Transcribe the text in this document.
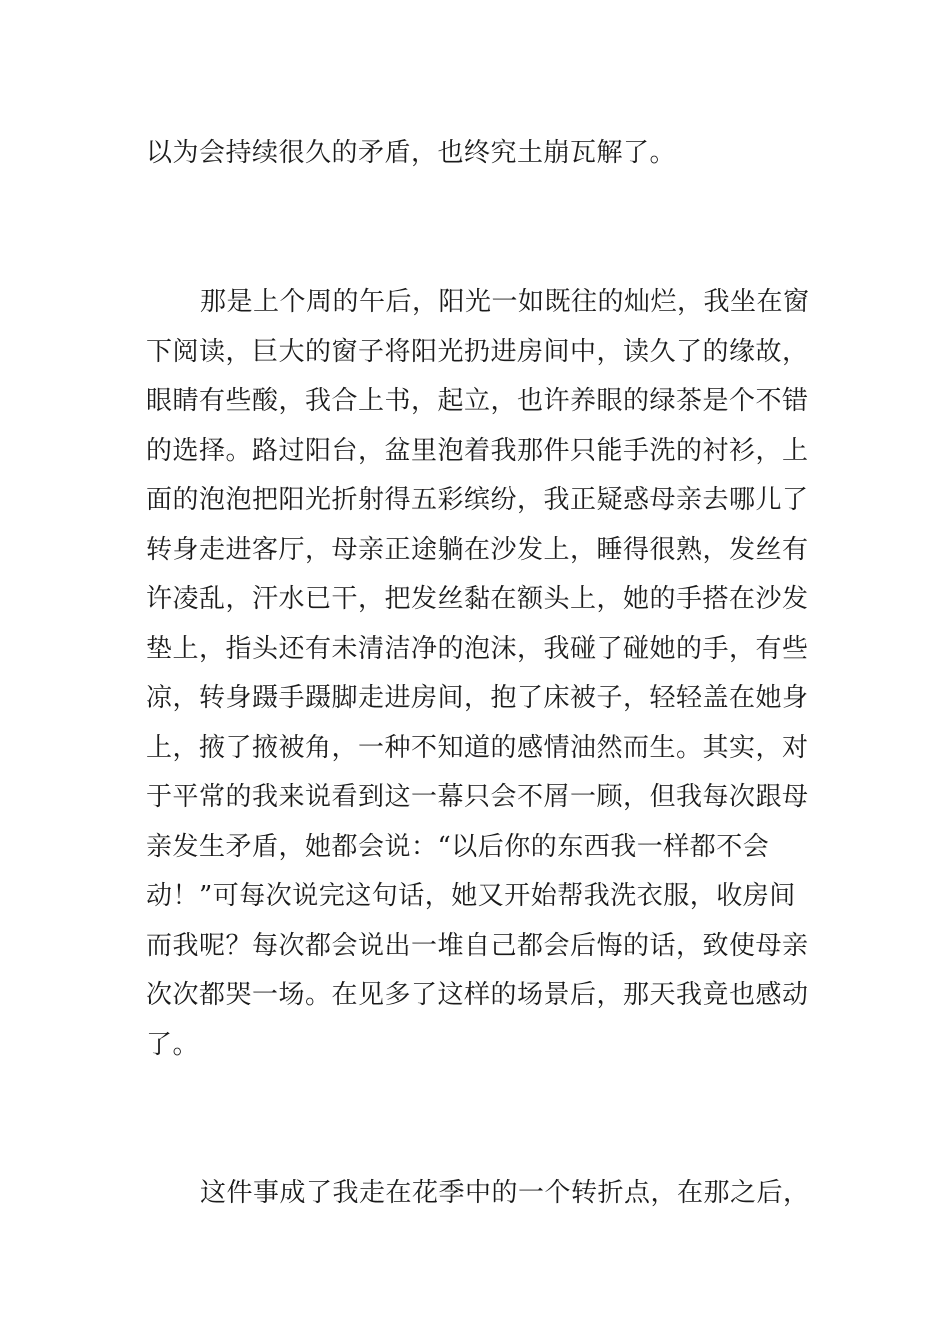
以为会持续很久的矛盾，也终究土崩瓦解了。
那是上个周的午后，阳光一如既往的灿烂，我坐在窗
下阅读，巨大的窗子将阳光扔进房间中，读久了的缘故，
眼睛有些酸，我合上书，起立，也许养眼的绿茶是个不错
的选择。路过阳台，盆里泡着我那件只能手洗的衬衫，上
面的泡泡把阳光折射得五彩缤纷，我正疑惑母亲去哪儿了
转身走进客厅，母亲正途躺在沙发上，睡得很熟，发丝有
许凌乱，汗水已干，把发丝黏在额头上，她的手搭在沙发
垫上，指头还有未清洁净的泡沫，我碰了碰她的手，有些
凉，转身蹑手蹑脚走进房间，抱了床被子，轻轻盖在她身
上，掖了掖被角，一种不知道的感情油然而生。其实，对
于平常的我来说看到这一幕只会不屑一顾，但我每次跟母
亲发生矛盾，她都会说：“以后你的东西我一样都不会
动！”可每次说完这句话，她又开始帮我洗衣服，收房间
而我呢？每次都会说出一堆自己都会后悔的话，致使母亲
次次都哭一场。在见多了这样的场景后，那天我竟也感动
了。
这件事成了我走在花季中的一个转折点，在那之后，
